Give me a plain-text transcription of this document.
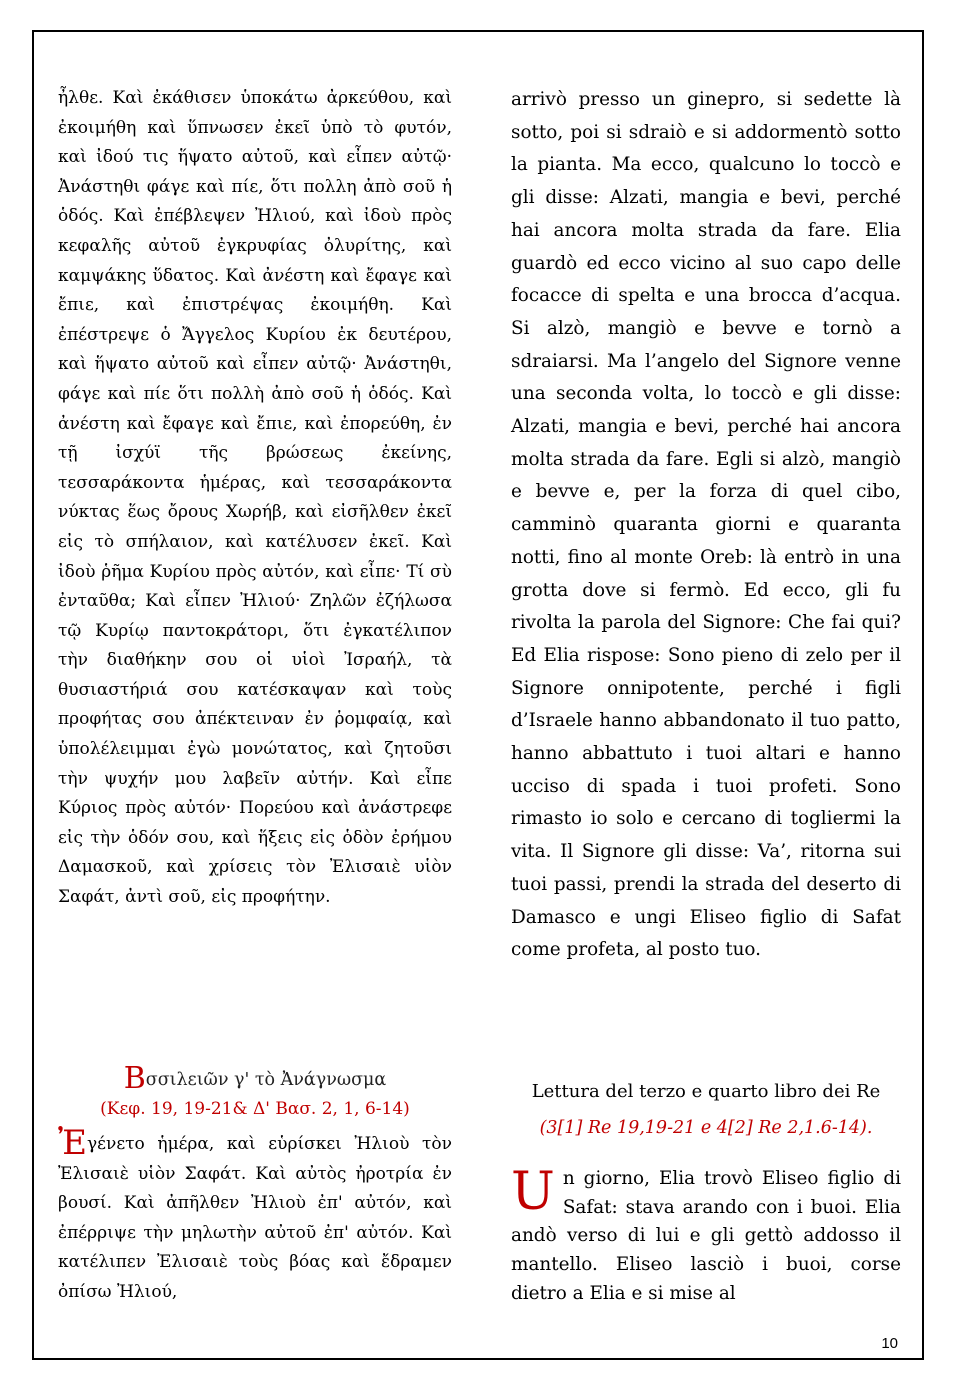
ἦλθε. Καὶ ἐκάθισεν ὑποκάτω ἀρκεύθου, καὶ ἐκοιμήθη καὶ ὕπνωσεν ἐκεῖ ὑπὸ τὸ φυτόν, καὶ ἰδού τις ἥψατο αὐτοῦ, καὶ εἶπεν αὐτῷ· Ἀνάστηθι φάγε καὶ πίε, ὅτι πολλη ἀπὸ σοῦ ἡ ὁδός. Καὶ ἐπέβλεψεν Ἠλιού, καὶ ἰδοὺ πρὸς κεφαλῆς αὐτοῦ ἐγκρυφίας ὀλυρίτης, καὶ καμψάκης ὕδατος. Καὶ ἀνέστη καὶ ἔφαγε καὶ ἔπιε, καὶ ἐπιστρέψας ἐκοιμήθη. Καὶ ἐπέστρεψε ὁ Ἄγγελος Κυρίου ἐκ δευτέρου, καὶ ἥψατο αὐτοῦ καὶ εἶπεν αὐτῷ· Ἀνάστηθι, φάγε καὶ πίε ὅτι πολλὴ ἀπὸ σοῦ ἡ ὁδός. Καὶ ἀνέστη καὶ ἔφαγε καὶ ἔπιε, καὶ ἐπορεύθη, ἐν τῇ ἰσχύϊ τῆς βρώσεως ἐκείνης, τεσσαράκοντα ἡμέρας, καὶ τεσσαράκοντα νύκτας ἕως ὄρους Χωρήβ, καὶ εἰσῆλθεν ἐκεῖ εἰς τὸ σπήλαιον, καὶ κατέλυσεν ἐκεῖ. Καὶ ἰδοὺ ῥῆμα Κυρίου πρὸς αὐτόν, καὶ εἶπε· Τί σὺ ἐνταῦθα; Καὶ εἶπεν Ἠλιού· Ζηλῶν ἐζήλωσα τῷ Κυρίῳ παντοκράτορι, ὅτι ἐγκατέλιπον τὴν διαθήκην σου οἱ υἱοὶ Ἰσραήλ, τὰ θυσιαστήριά σου κατέσκαψαν καὶ τοὺς προφήτας σου ἀπέκτειναν ἐν ῥομφαίᾳ, καὶ ὑπολέλειμμαι ἐγὼ μονώτατος, καὶ ζητοῦσι τὴν ψυχήν μου λαβεῖν αὐτήν. Καὶ εἶπε Κύριος πρὸς αὐτόν· Πορεύου καὶ ἀνάστρεφε εἰς τὴν ὁδόν σου, καὶ ἥξεις εἰς ὁδὸν ἐρήμου Δαμασκοῦ, καὶ χρίσεις τὸν Ἐλισαιὲ υἱὸν Σαφάτ, ἀντὶ σοῦ, εἰς προφήτην.
arrivò presso un ginepro, si sedette là sotto, poi si sdraiò e si addormentò sotto la pianta. Ma ecco, qualcuno lo toccò e gli disse: Alzati, mangia e bevi, perché hai ancora molta strada da fare. Elia guardò ed ecco vicino al suo capo delle focacce di spelta e una brocca d’acqua. Si alzò, mangiò e bevve e tornò a sdraiarsi. Ma l’angelo del Signore venne una seconda volta, lo toccò e gli disse: Alzati, mangia e bevi, perché hai ancora molta strada da fare. Egli si alzò, mangiò e bevve e, per la forza di quel cibo, camminò quaranta giorni e quaranta notti, fino al monte Oreb: là entrò in una grotta dove si fermò. Ed ecco, gli fu rivolta la parola del Signore: Che fai qui? Ed Elia rispose: Sono pieno di zelo per il Signore onnipotente, perché i figli d’Israele hanno abbandonato il tuo patto, hanno abbattuto i tuoi altari e hanno ucciso di spada i tuoi profeti. Sono rimasto io solo e cercano di togliermi la vita. Il Signore gli disse: Va’, ritorna sui tuoi passi, prendi la strada del deserto di Damasco e ungi Eliseo figlio di Safat come profeta, al posto tuo.
Βσσιλειῶν γ' τὸ Ἀνάγνωσμα
(Κεφ. 19, 19-21& Δ' Βασ. 2, 1, 6-14)
Ἐγένετο ἡμέρα, καὶ εὑρίσκει Ἠλιοὺ τὸν Ἐλισαιὲ υἱὸν Σαφάτ. Καὶ αὐτὸς ἠροτρία ἐν βουσί. Καὶ ἀπῆλθεν Ἠλιοὺ ἐπ' αὐτόν, καὶ ἐπέρριψε τὴν μηλωτὴν αὐτοῦ ἐπ' αὐτόν. Καὶ κατέλιπεν Ἐλισαιὲ τοὺς βόας καὶ ἔδραμεν ὀπίσω Ἠλιού,
Lettura del terzo e quarto libro dei Re
(3[1] Re 19,19-21 e 4[2] Re 2,1.6-14).
Un giorno, Elia trovò Eliseo figlio di Safat: stava arando con i buoi. Elia andò verso di lui e gli gettò addosso il mantello. Eliseo lasciò i buoi, corse dietro a Elia e si mise al
10
